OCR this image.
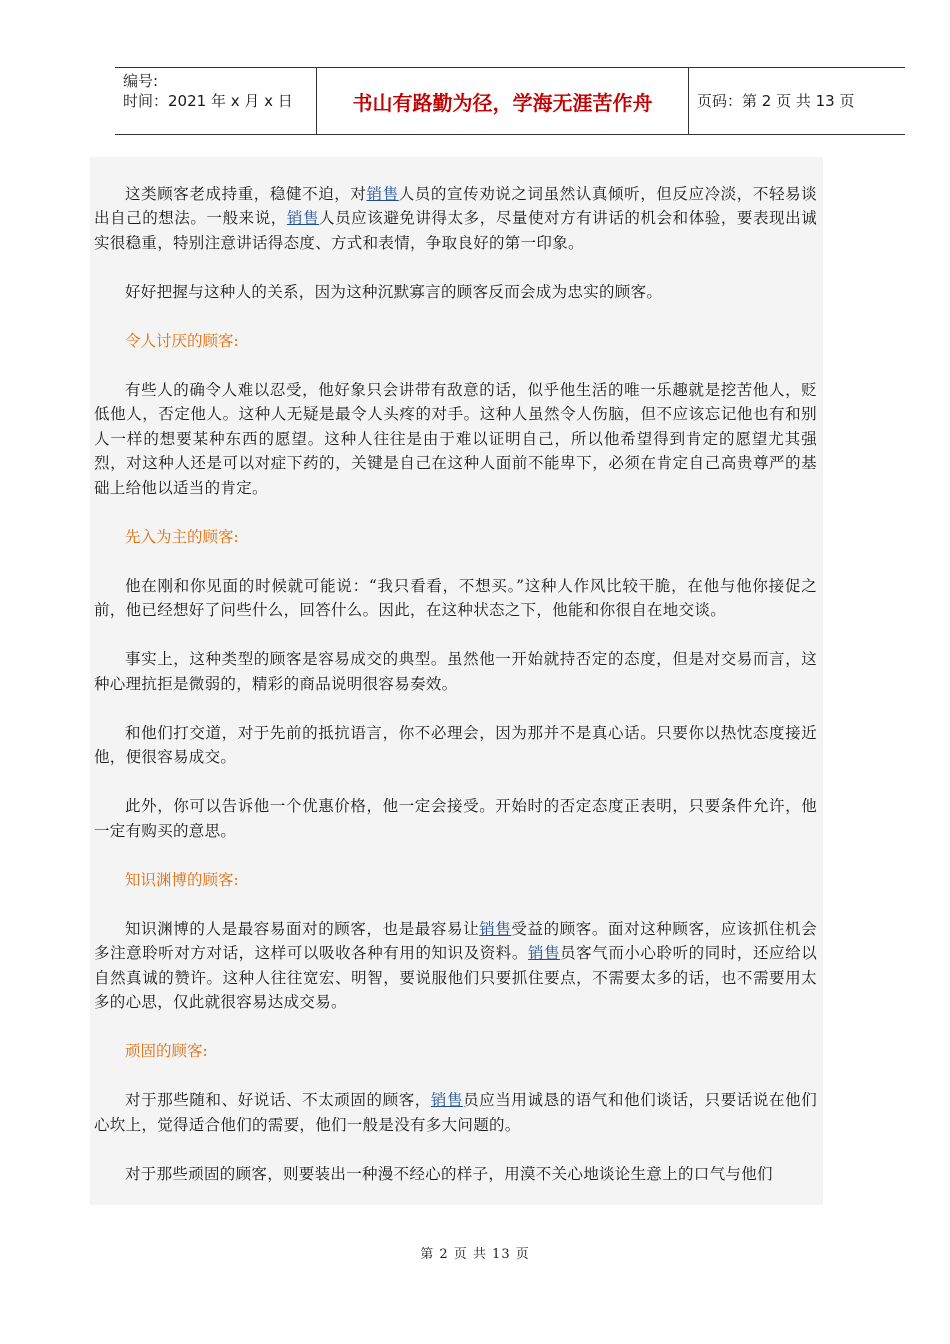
编号:
时间：2021 年 x 月 x 日	书山有路勤为径，学海无涯苦作舟	页码：第 2 页 共 13 页

这类顾客老成持重，稳健不迫，对销售人员的宣传劝说之词虽然认真倾听，但反应冷淡，不轻易谈出自己的想法。一般来说，销售人员应该避免讲得太多，尽量使对方有讲话的机会和体验，要表现出诚实很稳重，特别注意讲话得态度、方式和表情，争取良好的第一印象。

好好把握与这种人的关系，因为这种沉默寡言的顾客反而会成为忠实的顾客。

令人讨厌的顾客:

有些人的确令人难以忍受，他好象只会讲带有敌意的话，似乎他生活的唯一乐趣就是挖苦他人，贬低他人，否定他人。这种人无疑是最令人头疼的对手。这种人虽然令人伤脑，但不应该忘记他也有和别人一样的想要某种东西的愿望。这种人往往是由于难以证明自己，所以他希望得到肯定的愿望尤其强烈，对这种人还是可以对症下药的，关键是自己在这种人面前不能卑下，必须在肯定自己高贵尊严的基础上给他以适当的肯定。

先入为主的顾客:

他在刚和你见面的时候就可能说：“我只看看，不想买。”这种人作风比较干脆，在他与他你接促之前，他已经想好了问些什么，回答什么。因此，在这种状态之下，他能和你很自在地交谈。

事实上，这种类型的顾客是容易成交的典型。虽然他一开始就持否定的态度，但是对交易而言，这种心理抗拒是微弱的，精彩的商品说明很容易奏效。

和他们打交道，对于先前的抵抗语言，你不必理会，因为那并不是真心话。只要你以热忱态度接近他，便很容易成交。

此外，你可以告诉他一个优惠价格，他一定会接受。开始时的否定态度正表明，只要条件允许，他一定有购买的意思。

知识渊博的顾客:

知识渊博的人是最容易面对的顾客，也是最容易让销售受益的顾客。面对这种顾客，应该抓住机会多注意聆听对方对话，这样可以吸收各种有用的知识及资料。销售员客气而小心聆听的同时，还应给以自然真诚的赞许。这种人往往宽宏、明智，要说服他们只要抓住要点，不需要太多的话，也不需要用太多的心思，仅此就很容易达成交易。

顽固的顾客:

对于那些随和、好说话、不太顽固的顾客，销售员应当用诚恳的语气和他们谈话，只要话说在他们心坎上，觉得适合他们的需要，他们一般是没有多大问题的。

对于那些顽固的顾客，则要装出一种漫不经心的样子，用漠不关心地谈论生意上的口气与他们

第 2 页 共 13 页
